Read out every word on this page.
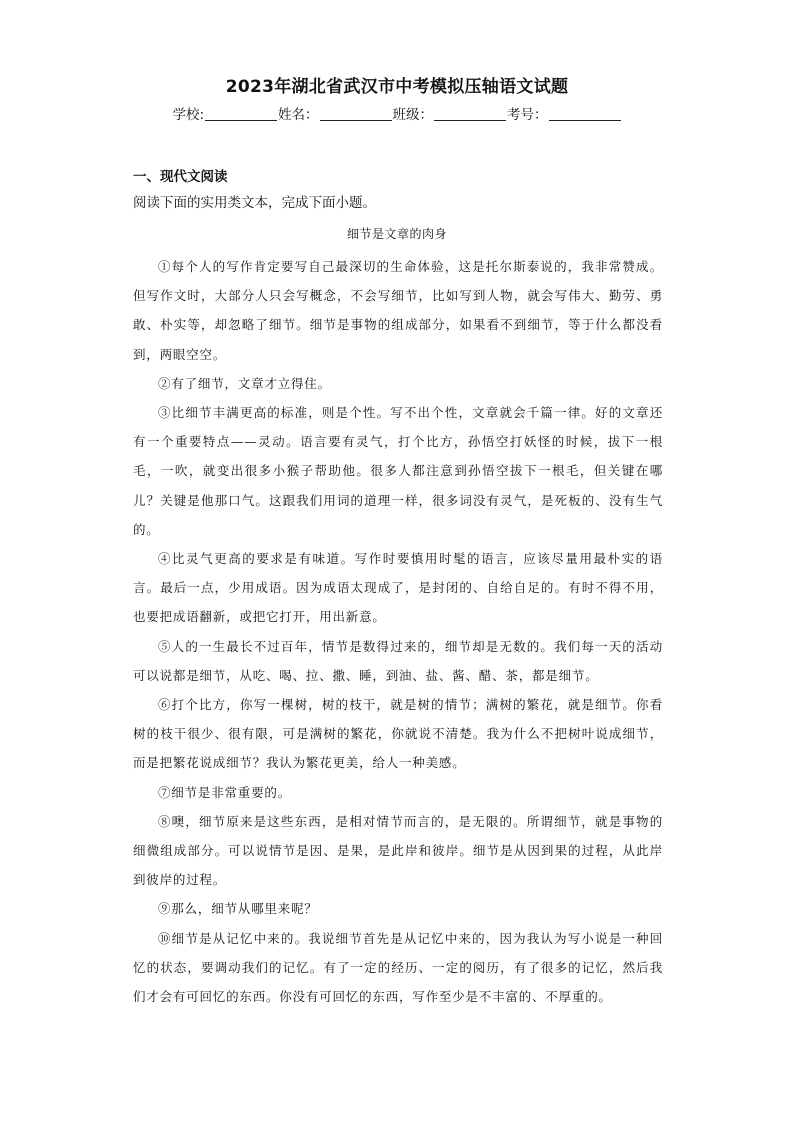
2023年湖北省武汉市中考模拟压轴语文试题
学校:	姓名：	班级：	考号：
一、现代文阅读
阅读下面的实用类文本，完成下面小题。
细节是文章的肉身

①每个人的写作肯定要写自己最深切的生命体验，这是托尔斯泰说的，我非常赞成。但写作文时，大部分人只会写概念，不会写细节，比如写到人物，就会写伟大、勤劳、勇敢、朴实等，却忽略了细节。细节是事物的组成部分，如果看不到细节，等于什么都没看到，两眼空空。

②有了细节，文章才立得住。

③比细节丰满更高的标准，则是个性。写不出个性，文章就会千篇一律。好的文章还有一个重要特点——灵动。语言要有灵气，打个比方，孙悟空打妖怪的时候，拔下一根毛，一吹，就变出很多小猴子帮助他。很多人都注意到孙悟空拔下一根毛，但关键在哪儿？关键是他那口气。这跟我们用词的道理一样，很多词没有灵气，是死板的、没有生气的。

④比灵气更高的要求是有味道。写作时要慎用时髦的语言，应该尽量用最朴实的语言。最后一点，少用成语。因为成语太现成了，是封闭的、自给自足的。有时不得不用，也要把成语翻新，或把它打开，用出新意。

⑤人的一生最长不过百年，情节是数得过来的，细节却是无数的。我们每一天的活动可以说都是细节，从吃、喝、拉、撒、睡，到油、盐、酱、醋、茶，都是细节。

⑥打个比方，你写一棵树，树的枝干，就是树的情节；满树的繁花，就是细节。你看树的枝干很少、很有限，可是满树的繁花，你就说不清楚。我为什么不把树叶说成细节，而是把繁花说成细节？我认为繁花更美，给人一种美感。

⑦细节是非常重要的。

⑧噢，细节原来是这些东西，是相对情节而言的，是无限的。所谓细节，就是事物的细微组成部分。可以说情节是因、是果，是此岸和彼岸。细节是从因到果的过程，从此岸到彼岸的过程。

⑨那么，细节从哪里来呢？

⑩细节是从记忆中来的。我说细节首先是从记忆中来的，因为我认为写小说是一种回忆的状态，要调动我们的记忆。有了一定的经历、一定的阅历，有了很多的记忆，然后我们才会有可回忆的东西。你没有可回忆的东西，写作至少是不丰富的、不厚重的。
